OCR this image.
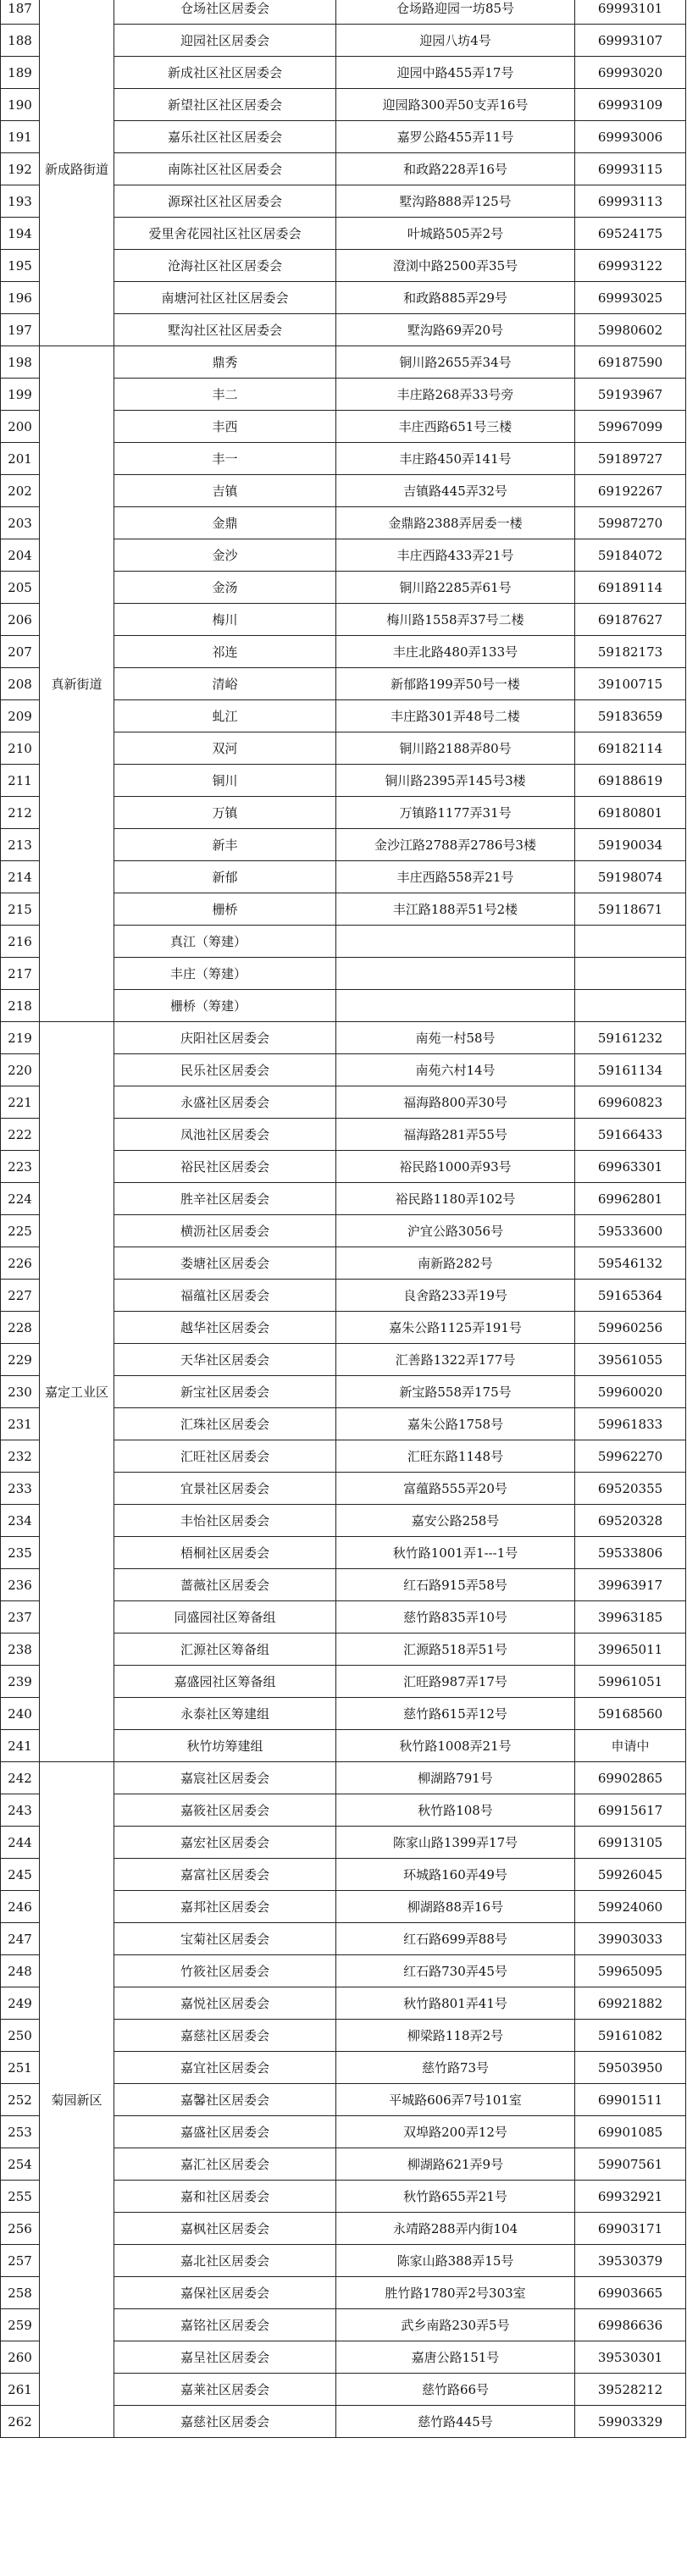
187	新成路街道	仓场社区居委会	仓场路迎园一坊85号	69993101
188		迎园社区居委会	迎园八坊4号	69993107
189		新成社区社区居委会	迎园中路455弄17号	69993020
190		新望社区社区居委会	迎园路300弄50支弄16号	69993109
191		嘉乐社区社区居委会	嘉罗公路455弄11号	69993006
192		南陈社区社区居委会	和政路228弄16号	69993115
193		源琛社区社区居委会	墅沟路888弄125号	69993113
194		爱里舍花园社区社区居委会	叶城路505弄2号	69524175
195		沧海社区社区居委会	澄浏中路2500弄35号	69993122
196		南塘河社区社区居委会	和政路885弄29号	69993025
197		墅沟社区社区居委会	墅沟路69弄20号	59980602
198	真新街道	鼎秀	铜川路2655弄34号	69187590
199		丰二	丰庄路268弄33号旁	59193967
200		丰西	丰庄西路651号三楼	59967099
201		丰一	丰庄路450弄141号	59189727
202		吉镇	吉镇路445弄32号	69192267
203		金鼎	金鼎路2388弄居委一楼	59987270
204		金沙	丰庄西路433弄21号	59184072
205		金汤	铜川路2285弄61号	69189114
206		梅川	梅川路1558弄37号二楼	69187627
207		祁连	丰庄北路480弄133号	59182173
208		清峪	新郁路199弄50号一楼	39100715
209		虬江	丰庄路301弄48号二楼	59183659
210		双河	铜川路2188弄80号	69182114
211		铜川	铜川路2395弄145号3楼	69188619
212		万镇	万镇路1177弄31号	69180801
213		新丰	金沙江路2788弄2786号3楼	59190034
214		新郁	丰庄西路558弄21号	59198074
215		栅桥	丰江路188弄51号2楼	59118671
216		真江（筹建）		
217		丰庄（筹建）		
218		栅桥（筹建）		
219	嘉定工业区	庆阳社区居委会	南苑一村58号	59161232
220		民乐社区居委会	南苑六村14号	59161134
221		永盛社区居委会	福海路800弄30号	69960823
222		凤池社区居委会	福海路281弄55号	59166433
223		裕民社区居委会	裕民路1000弄93号	69963301
224		胜辛社区居委会	裕民路1180弄102号	69962801
225		横沥社区居委会	沪宜公路3056号	59533600
226		娄塘社区居委会	南新路282号	59546132
227		福蕴社区居委会	良舍路233弄19号	59165364
228		越华社区居委会	嘉朱公路1125弄191号	59960256
229		天华社区居委会	汇善路1322弄177号	39561055
230		新宝社区居委会	新宝路558弄175号	59960020
231		汇珠社区居委会	嘉朱公路1758号	59961833
232		汇旺社区居委会	汇旺东路1148号	59962270
233		宜景社区居委会	富蕴路555弄20号	69520355
234		丰怡社区居委会	嘉安公路258号	69520328
235		梧桐社区居委会	秋竹路1001弄1---1号	59533806
236		蔷薇社区居委会	红石路915弄58号	39963917
237		同盛园社区筹备组	慈竹路835弄10号	39963185
238		汇源社区筹备组	汇源路518弄51号	39965011
239		嘉盛园社区筹备组	汇旺路987弄17号	59961051
240		永泰社区筹建组	慈竹路615弄12号	59168560
241		秋竹坊筹建组	秋竹路1008弄21号	申请中
242	菊园新区	嘉宸社区居委会	柳湖路791号	69902865
243		嘉筱社区居委会	秋竹路108号	69915617
244		嘉宏社区居委会	陈家山路1399弄17号	69913105
245		嘉富社区居委会	环城路160弄49号	59926045
246		嘉邦社区居委会	柳湖路88弄16号	59924060
247		宝菊社区居委会	红石路699弄88号	39903033
248		竹筱社区居委会	红石路730弄45号	59965095
249		嘉悦社区居委会	秋竹路801弄41号	69921882
250		嘉慈社区居委会	柳梁路118弄2号	59161082
251		嘉宜社区居委会	慈竹路73号	59503950
252		嘉馨社区居委会	平城路606弄7号101室	69901511
253		嘉盛社区居委会	双埠路200弄12号	69901085
254		嘉汇社区居委会	柳湖路621弄9号	59907561
255		嘉和社区居委会	秋竹路655弄21号	69932921
256		嘉枫社区居委会	永靖路288弄内街104	69903171
257		嘉北社区居委会	陈家山路388弄15号	39530379
258		嘉保社区居委会	胜竹路1780弄2号303室	69903665
259		嘉铭社区居委会	武乡南路230弄5号	69986636
260		嘉呈社区居委会	嘉唐公路151号	39530301
261		嘉莱社区居委会	慈竹路66号	39528212
262		嘉慈社区居委会	慈竹路445号	59903329
